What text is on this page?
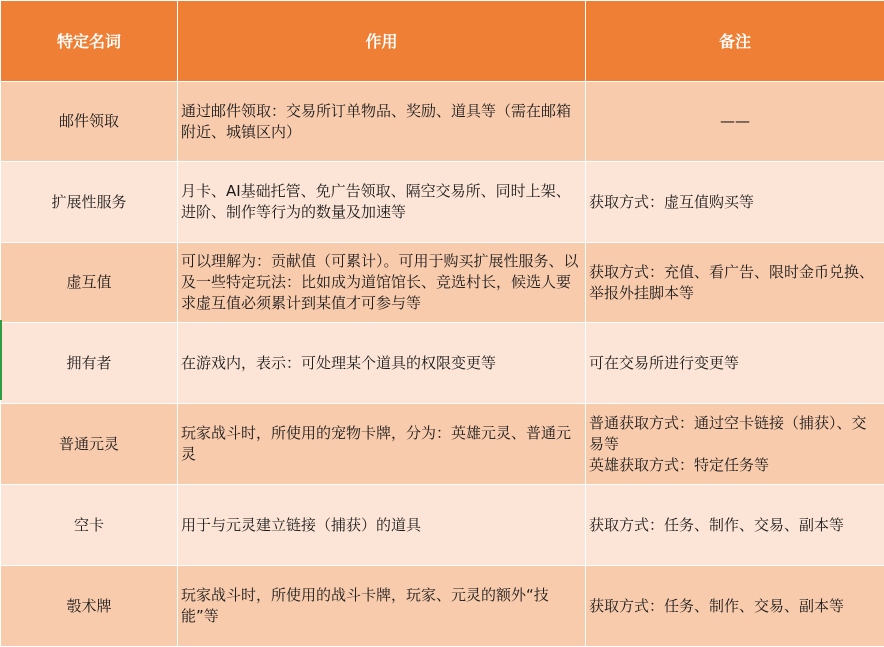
特定名词	作用	备注
邮件领取	通过邮件领取：交易所订单物品、奖励、道具等（需在邮箱附近、城镇区内）	——
扩展性服务	月卡、AI基础托管、免广告领取、隔空交易所、同时上架、进阶、制作等行为的数量及加速等	获取方式：虚互值购买等
虚互值	可以理解为：贡献值（可累计）。可用于购买扩展性服务、以及一些特定玩法：比如成为道馆馆长、竞选村长，候选人要求虚互值必须累计到某值才可参与等	获取方式：充值、看广告、限时金币兑换、举报外挂脚本等
拥有者	在游戏内，表示：可处理某个道具的权限变更等	可在交易所进行变更等
普通元灵	玩家战斗时，所使用的宠物卡牌，分为：英雄元灵、普通元灵	普通获取方式：通过空卡链接（捕获）、交易等
英雄获取方式：特定任务等

空卡	用于与元灵建立链接（捕获）的道具	获取方式：任务、制作、交易、副本等
彀术牌	玩家战斗时，所使用的战斗卡牌，玩家、元灵的额外“技能”等	获取方式：任务、制作、交易、副本等
